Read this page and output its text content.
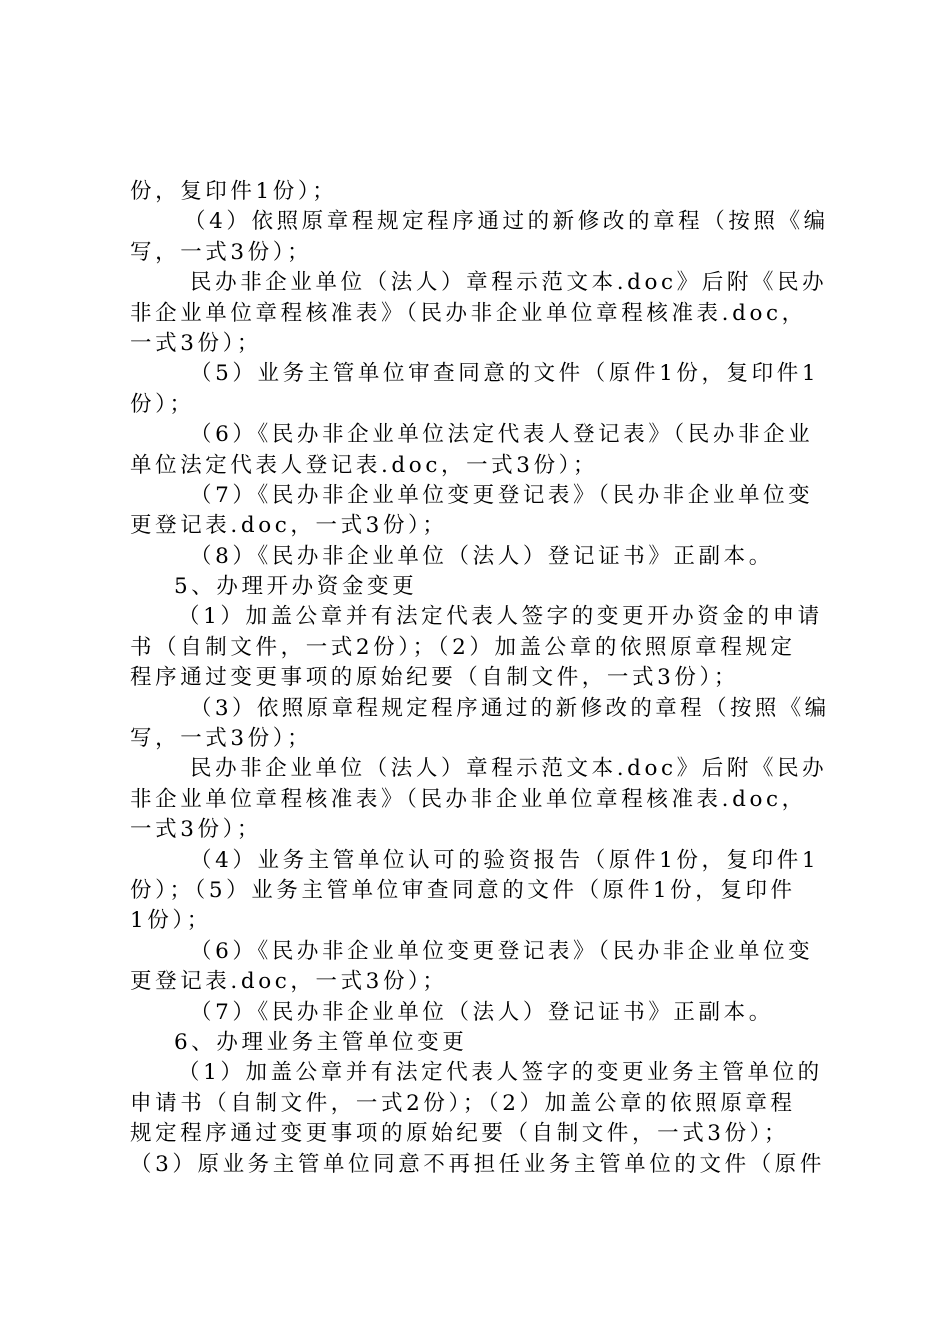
份，复印件1份）；
（4）依照原章程规定程序通过的新修改的章程（按照《编
写，一式3份）；
民办非企业单位（法人）章程示范文本.doc》后附《民办
非企业单位章程核准表》（民办非企业单位章程核准表.doc，
一式3份）；
（5）业务主管单位审查同意的文件（原件1份，复印件1
份）；
（6）《民办非企业单位法定代表人登记表》（民办非企业
单位法定代表人登记表.doc，一式3份）；
（7）《民办非企业单位变更登记表》（民办非企业单位变
更登记表.doc，一式3份）；
（8）《民办非企业单位（法人）登记证书》正副本。
5、办理开办资金变更
（1）加盖公章并有法定代表人签字的变更开办资金的申请
书（自制文件，一式2份）；（2）加盖公章的依照原章程规定
程序通过变更事项的原始纪要（自制文件，一式3份）；
（3）依照原章程规定程序通过的新修改的章程（按照《编
写，一式3份）；
民办非企业单位（法人）章程示范文本.doc》后附《民办
非企业单位章程核准表》（民办非企业单位章程核准表.doc，
一式3份）；
（4）业务主管单位认可的验资报告（原件1份，复印件1
份）；（5）业务主管单位审查同意的文件（原件1份，复印件
1份）；
（6）《民办非企业单位变更登记表》（民办非企业单位变
更登记表.doc，一式3份）；
（7）《民办非企业单位（法人）登记证书》正副本。
6、办理业务主管单位变更
（1）加盖公章并有法定代表人签字的变更业务主管单位的
申请书（自制文件，一式2份）；（2）加盖公章的依照原章程
规定程序通过变更事项的原始纪要（自制文件，一式3份）；
（3）原业务主管单位同意不再担任业务主管单位的文件（原件
